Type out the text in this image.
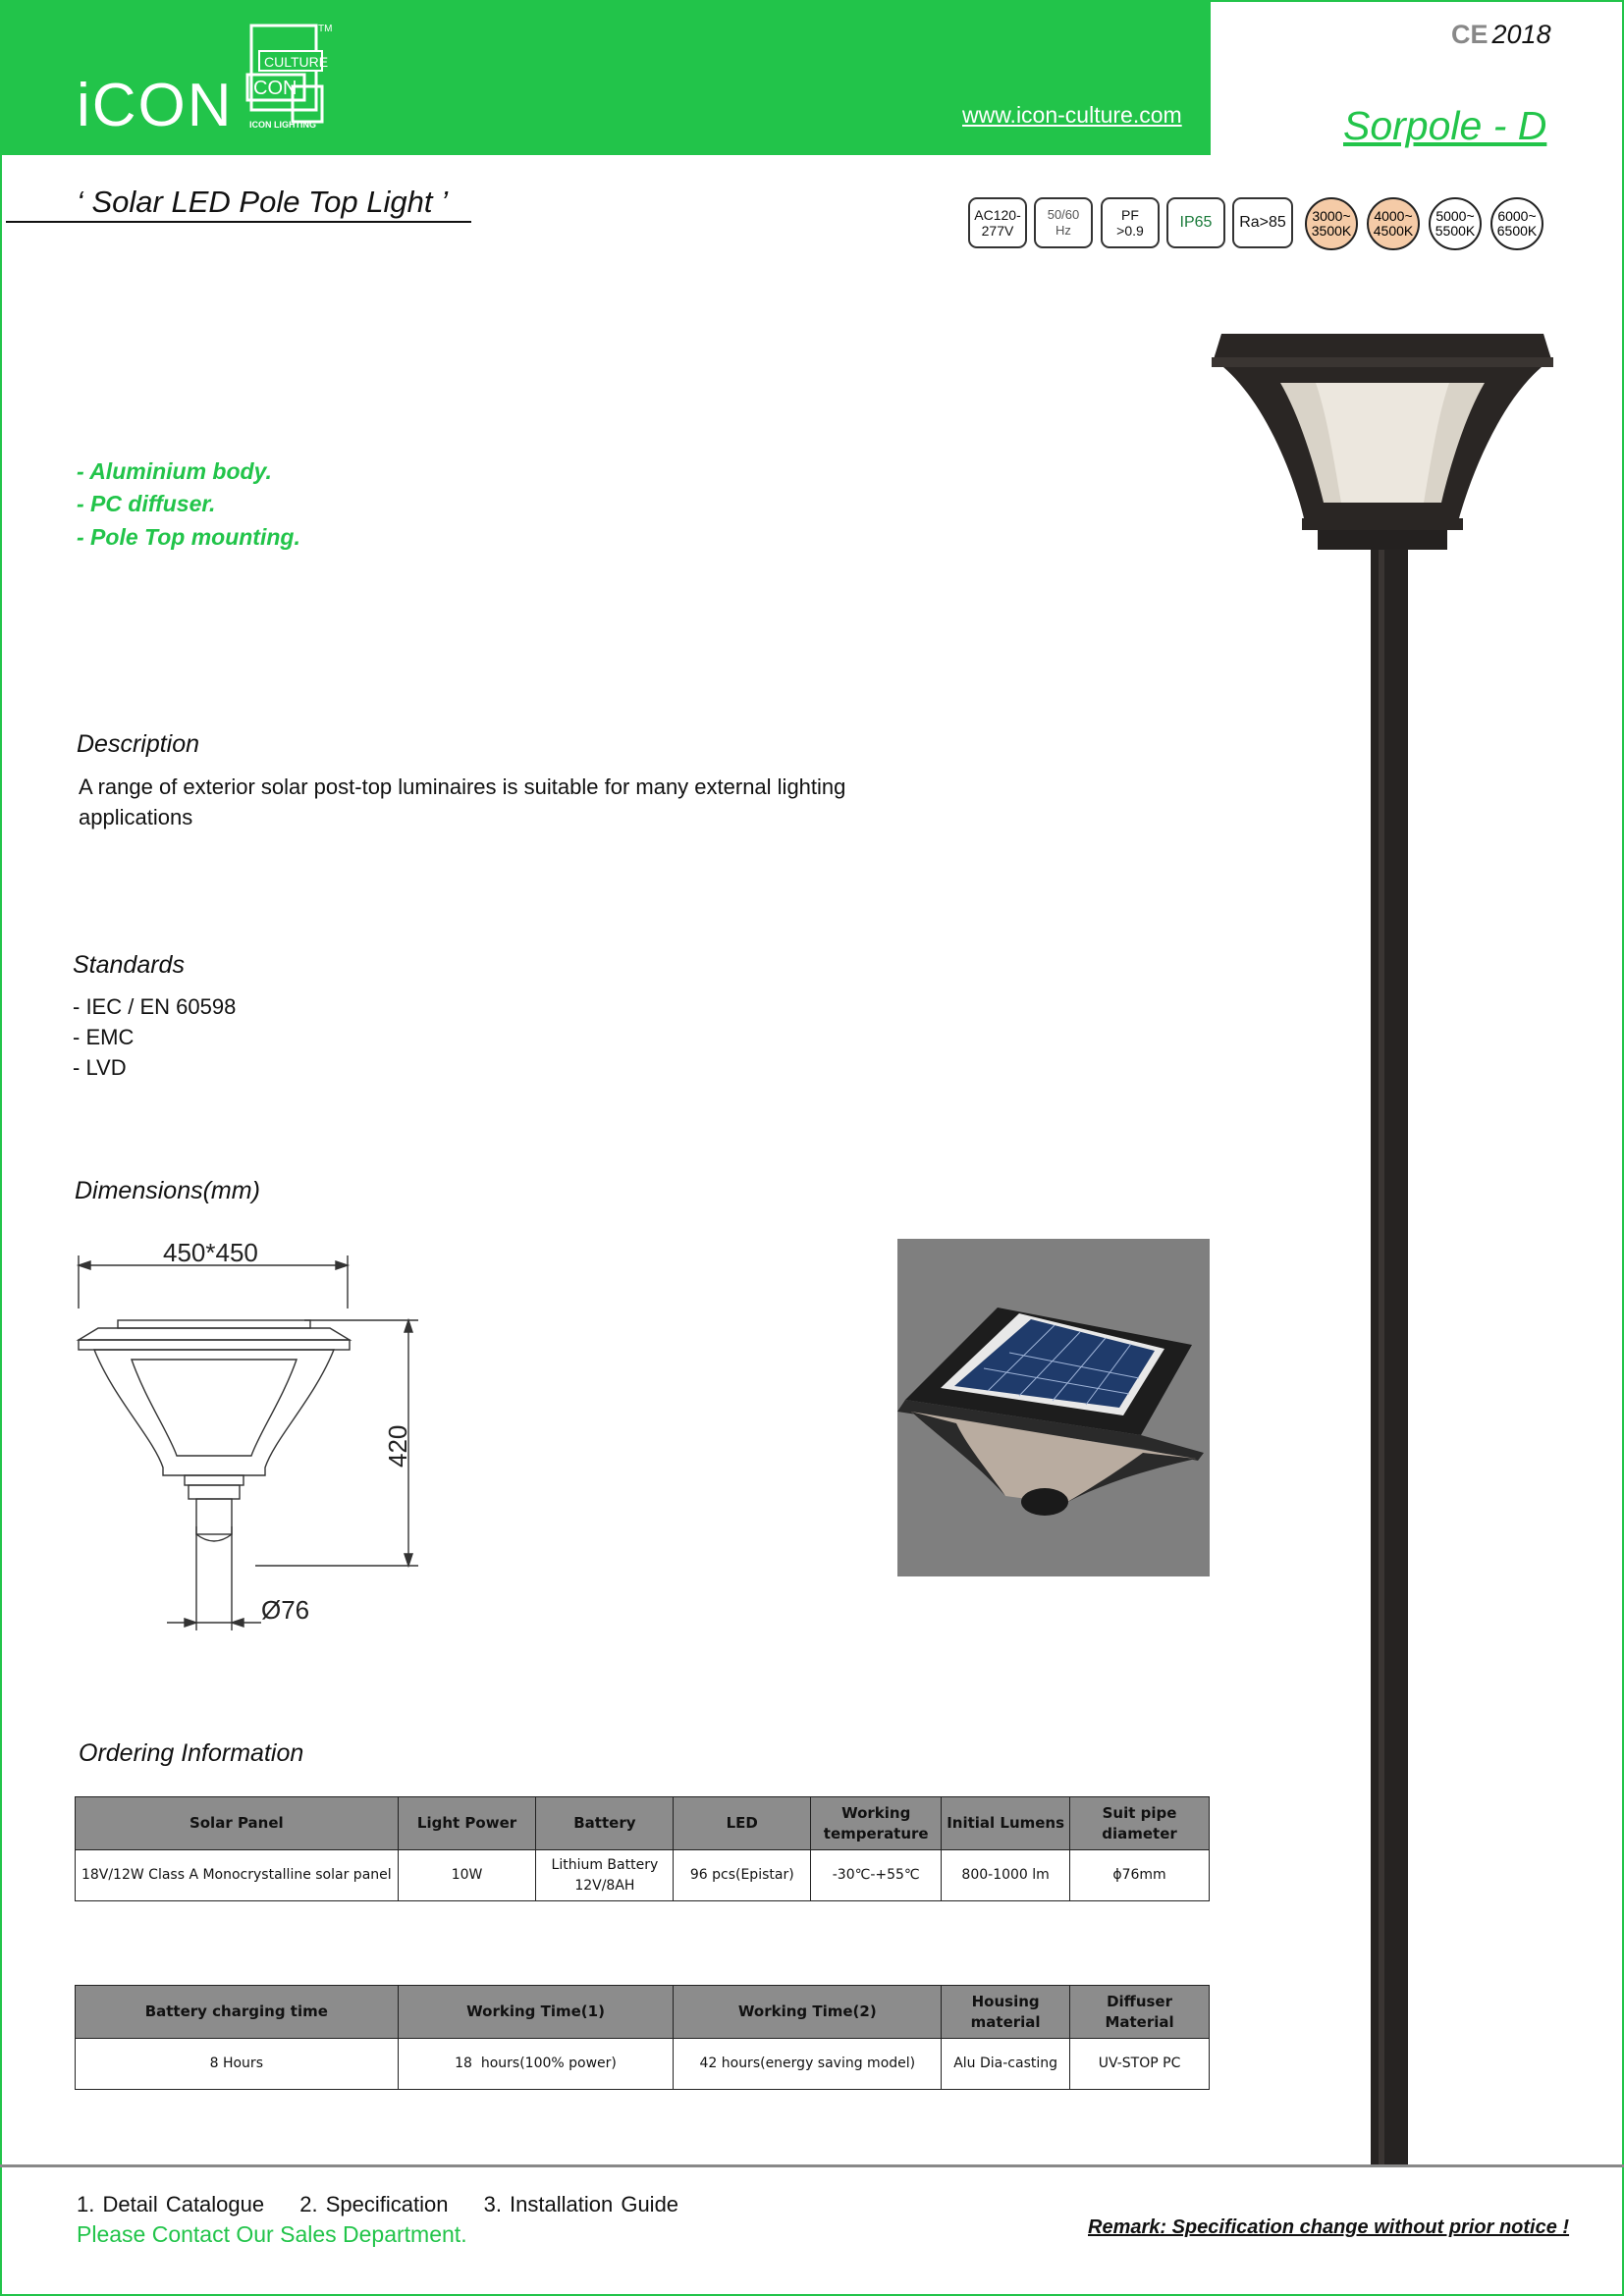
iCON
CULTURE
CON
TM
ICON LIGHTING	www.icon-culture.com
CE 2018
Sorpole - D
‘ Solar LED Pole Top Light ’	AC120-
277V
50/60
Hz
PF
>0.9 IP65 Ra>85 3000~
3500K
4000~
4500K
5000~
5500K
6000~
6500K
- Aluminium body.
- PC diffuser.
- Pole Top mounting.
Description
A range of exterior solar post-top luminaires is suitable for many external lighting
applications
Standards
- IEC / EN 60598
- EMC
- LVD
Dimensions(mm)
450*450
420
Ø76
Ordering Information
Solar Panel	Light Power	Battery	LED	Working
temperature	Initial Lumens	Suit pipe diameter
18V/12W Class A Monocrystalline solar panel	10W	Lithium Battery
12V/8AH	96 pcs(Epistar)	-30℃-+55℃	800-1000 lm	ϕ76mm
Battery charging time	Working Time(1)	Working Time(2)	Housing material	Diffuser Material
8 Hours	18  hours(100% power)	42 hours(energy saving model)	Alu Dia-casting	UV-STOP PC
1. Detail Catalogue 2. Specification 3. Installation Guide
Please Contact Our Sales Department.	Remark: Specification change without prior notice !
